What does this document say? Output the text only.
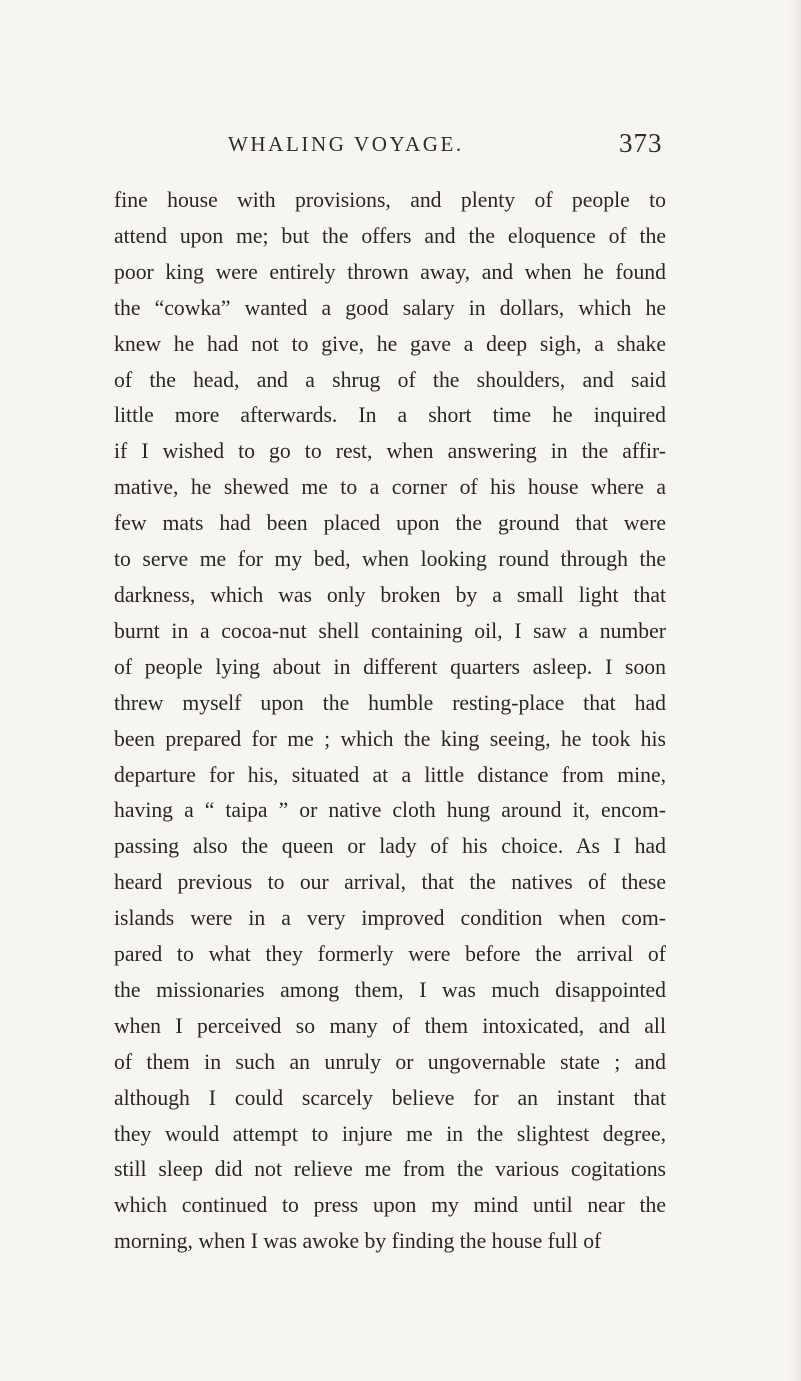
WHALING VOYAGE.	373
fine house with provisions, and plenty of people to
attend upon me; but the offers and the eloquence of the
poor king were entirely thrown away, and when he found
the “cowka” wanted a good salary in dollars, which he
knew he had not to give, he gave a deep sigh, a shake
of the head, and a shrug of the shoulders, and said
little more afterwards. In a short time he inquired
if I wished to go to rest, when answering in the affir-
mative, he shewed me to a corner of his house where a
few mats had been placed upon the ground that were
to serve me for my bed, when looking round through the
darkness, which was only broken by a small light that
burnt in a cocoa-nut shell containing oil, I saw a number
of people lying about in different quarters asleep. I soon
threw myself upon the humble resting-place that had
been prepared for me ; which the king seeing, he took his
departure for his, situated at a little distance from mine,
having a “ taipa ” or native cloth hung around it, encom-
passing also the queen or lady of his choice. As I had
heard previous to our arrival, that the natives of these
islands were in a very improved condition when com-
pared to what they formerly were before the arrival of
the missionaries among them, I was much disappointed
when I perceived so many of them intoxicated, and all
of them in such an unruly or ungovernable state ; and
although I could scarcely believe for an instant that
they would attempt to injure me in the slightest degree,
still sleep did not relieve me from the various cogitations
which continued to press upon my mind until near the
morning, when I was awoke by finding the house full of
